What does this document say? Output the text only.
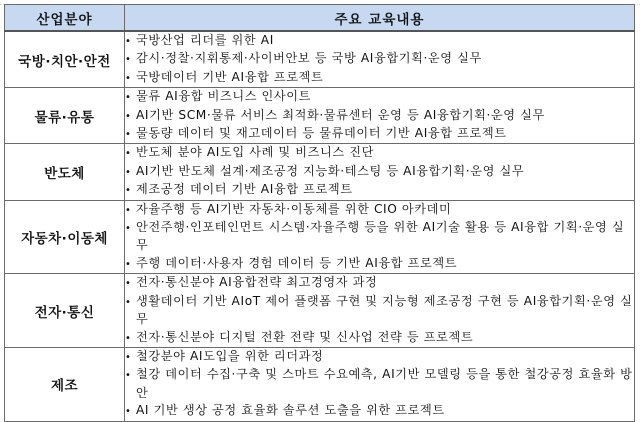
산업분야	주요 교육내용
국방·치안·안전	
• 국방산업 리더를 위한 AI
• 감시·정찰·지휘통제·사이버안보 등 국방 AI융합기획·운영 실무
• 국방데이터 기반 AI융합 프로젝트

물류·유통	
• 물류 AI융합 비즈니스 인사이트
• AI기반 SCM·물류 서비스 최적화·물류센터 운영 등 AI융합기획·운영 실무
• 물동량 데이터 및 재고데이터 등 물류데이터 기반 AI융합 프로젝트

반도체	
• 반도체 분야 AI도입 사례 및 비즈니스 진단
• AI기반 반도체 설계·제조공정 지능화·테스팅 등 AI융합기획·운영 실무
• 제조공정 데이터 기반 AI융합 프로젝트

자동차·이동체	
• 자율주행 등 AI기반 자동차·이동체를 위한 CIO 아카데미
• 안전주행·인포테인먼트 시스템·자율주행 등을 위한 AI기술 활용 등 AI융합 기획·운영 실무
• 주행 데이터·사용자 경험 데이터 등 기반 AI융합 프로젝트

전자·통신	
• 전자·통신분야 AI융합전략 최고경영자 과정
• 생활데이터 기반 AIoT 제어 플랫폼 구현 및 지능형 제조공정 구현 등 AI융합기획·운영 실무
• 전자·통신분야 디지털 전환 전략 및 신사업 전략 등 프로젝트

제조	
• 철강분야 AI도입을 위한 리더과정
• 철강 데이터 수집·구축 및 스마트 수요예측, AI기반 모델링 등을 통한 철강공정 효율화 방안
• AI 기반 생상 공정 효율화 솔루션 도출을 위한 프로젝트
